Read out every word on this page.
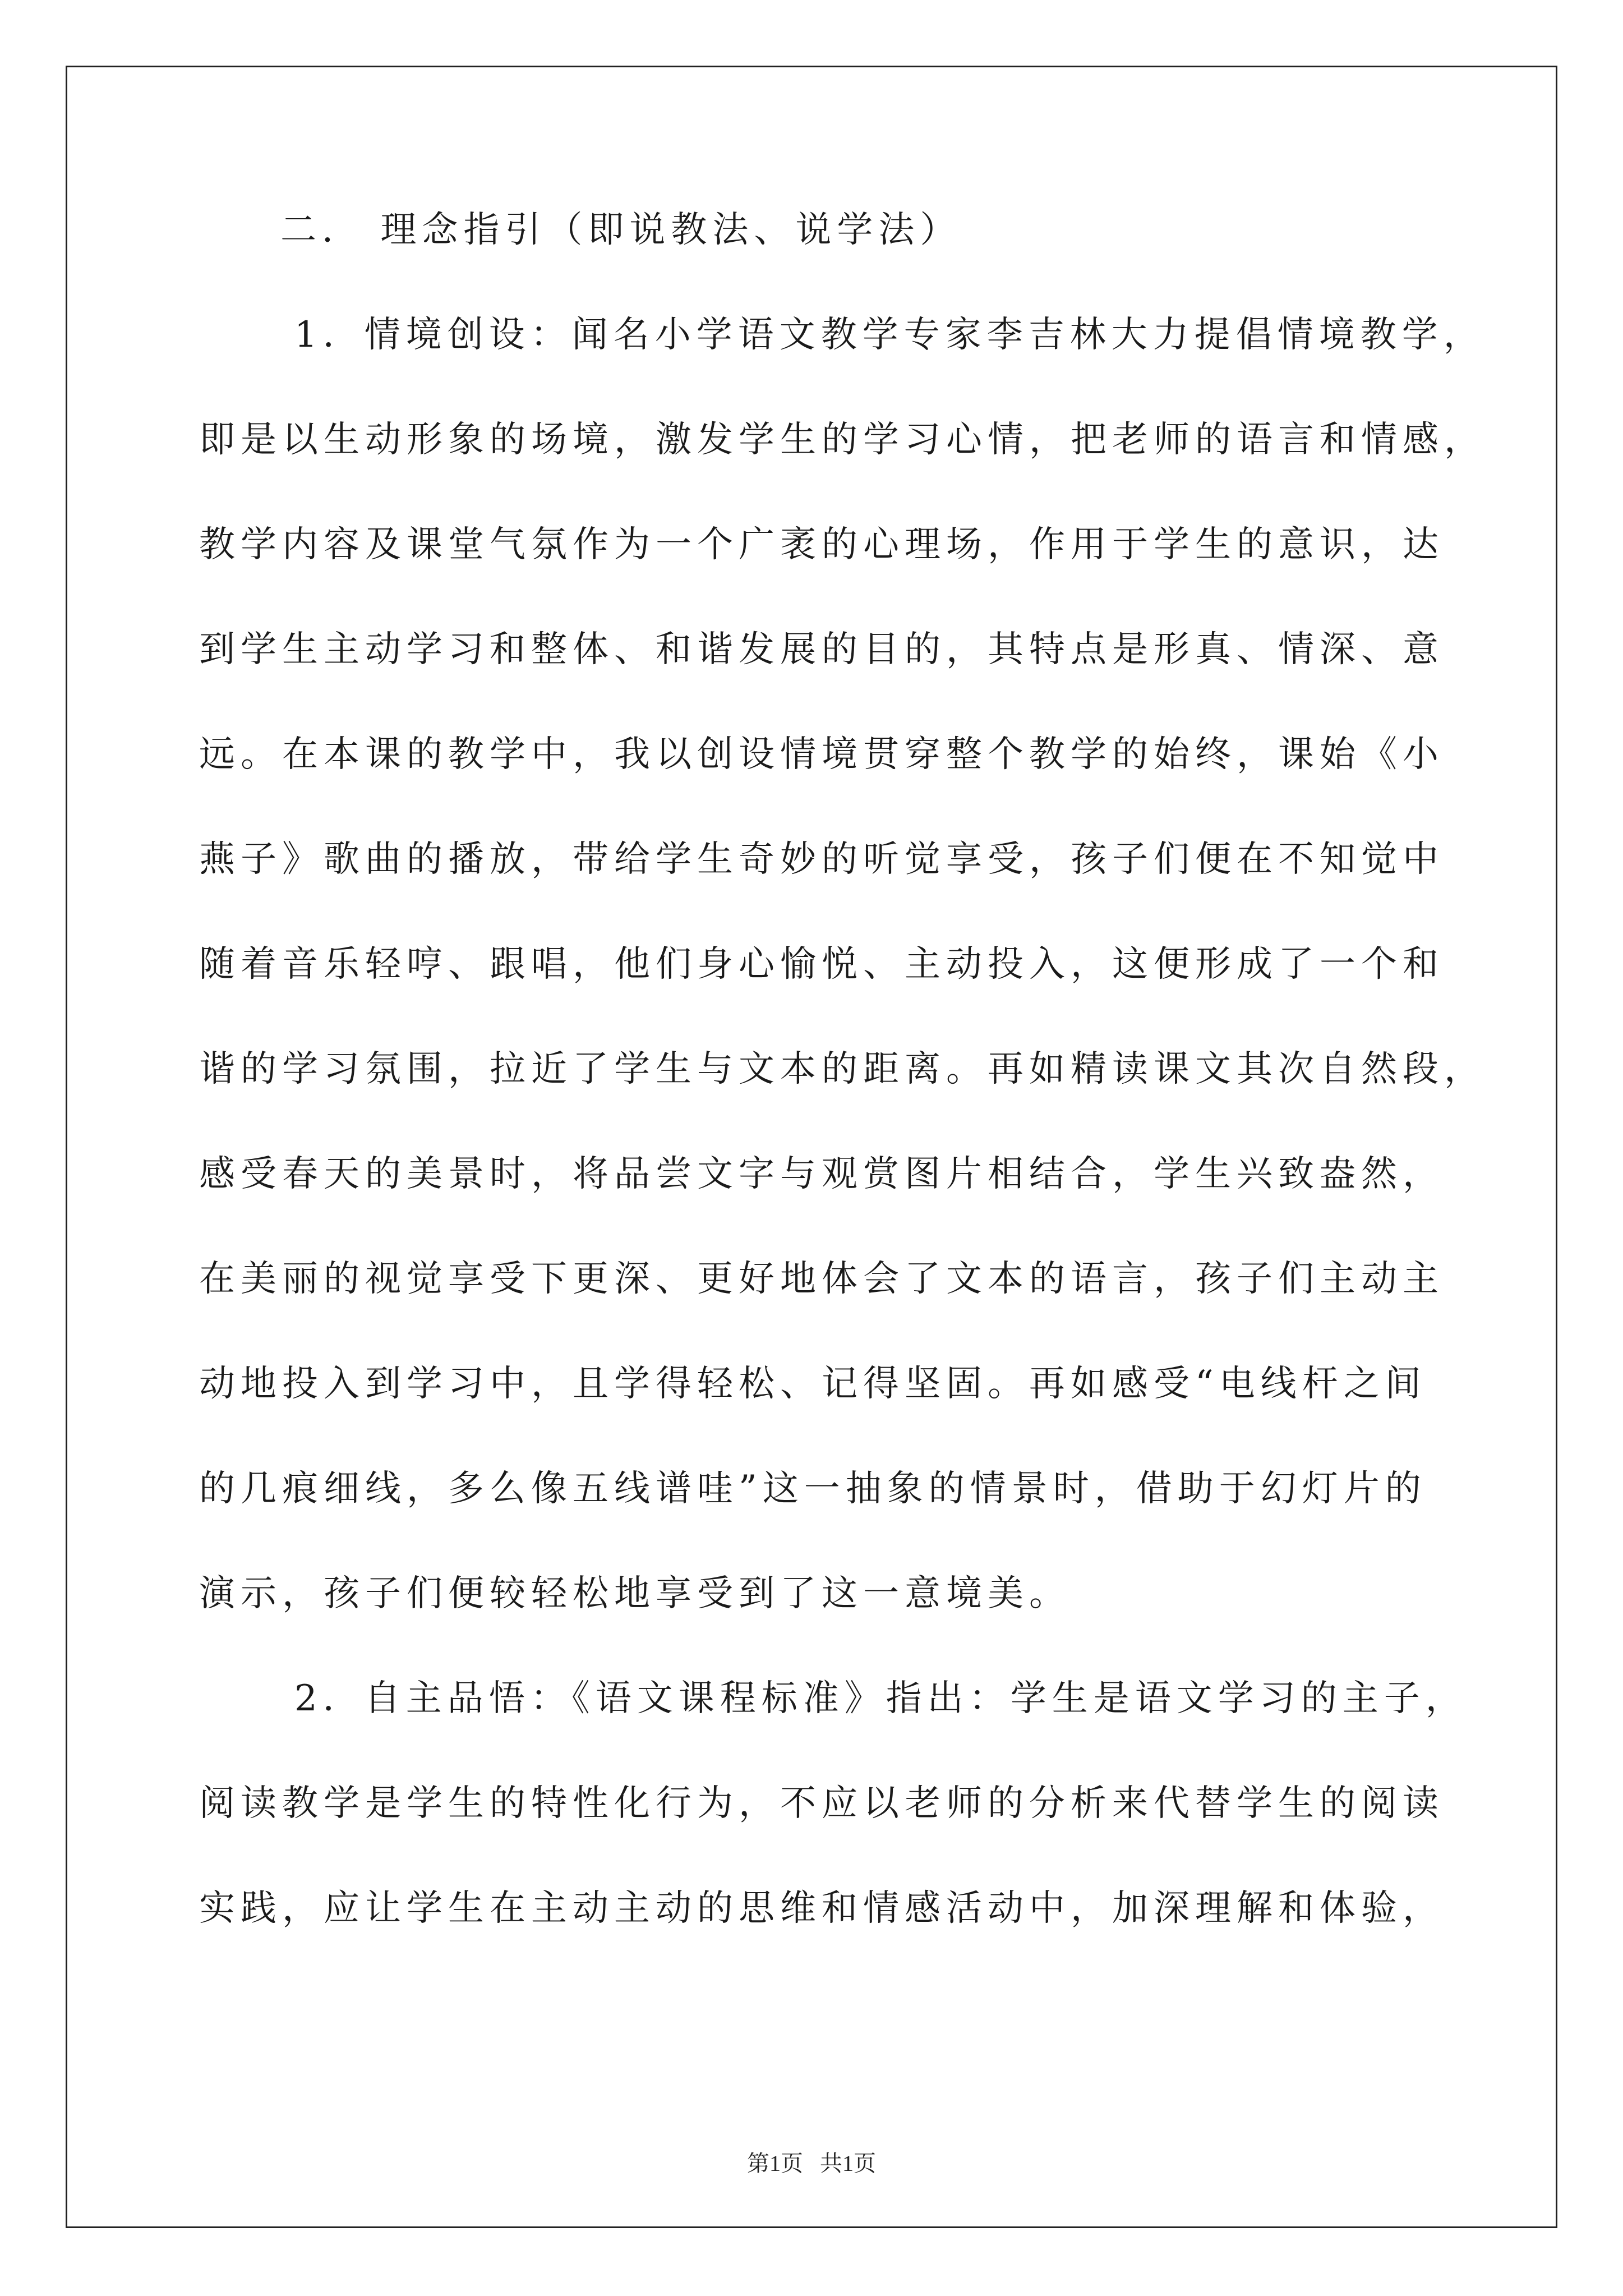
二． 理念指引（即说教法、说学法）
1．情境创设：闻名小学语文教学专家李吉林大力提倡情境教学，
即是以生动形象的场境，激发学生的学习心情，把老师的语言和情感，
教学内容及课堂气氛作为一个广袤的心理场，作用于学生的意识，达
到学生主动学习和整体、和谐发展的目的，其特点是形真、情深、意
远。在本课的教学中，我以创设情境贯穿整个教学的始终，课始《小
燕子》歌曲的播放，带给学生奇妙的听觉享受，孩子们便在不知觉中
随着音乐轻哼、跟唱，他们身心愉悦、主动投入，这便形成了一个和
谐的学习氛围，拉近了学生与文本的距离。再如精读课文其次自然段，
感受春天的美景时，将品尝文字与观赏图片相结合，学生兴致盎然，
在美丽的视觉享受下更深、更好地体会了文本的语言，孩子们主动主
动地投入到学习中，且学得轻松、记得坚固。再如感受“电线杆之间
的几痕细线，多么像五线谱哇”这一抽象的情景时，借助于幻灯片的
演示，孩子们便较轻松地享受到了这一意境美。
2．自主品悟：《语文课程标准》指出：学生是语文学习的主子，
阅读教学是学生的特性化行为，不应以老师的分析来代替学生的阅读
实践，应让学生在主动主动的思维和情感活动中，加深理解和体验，
第1页   共1页
